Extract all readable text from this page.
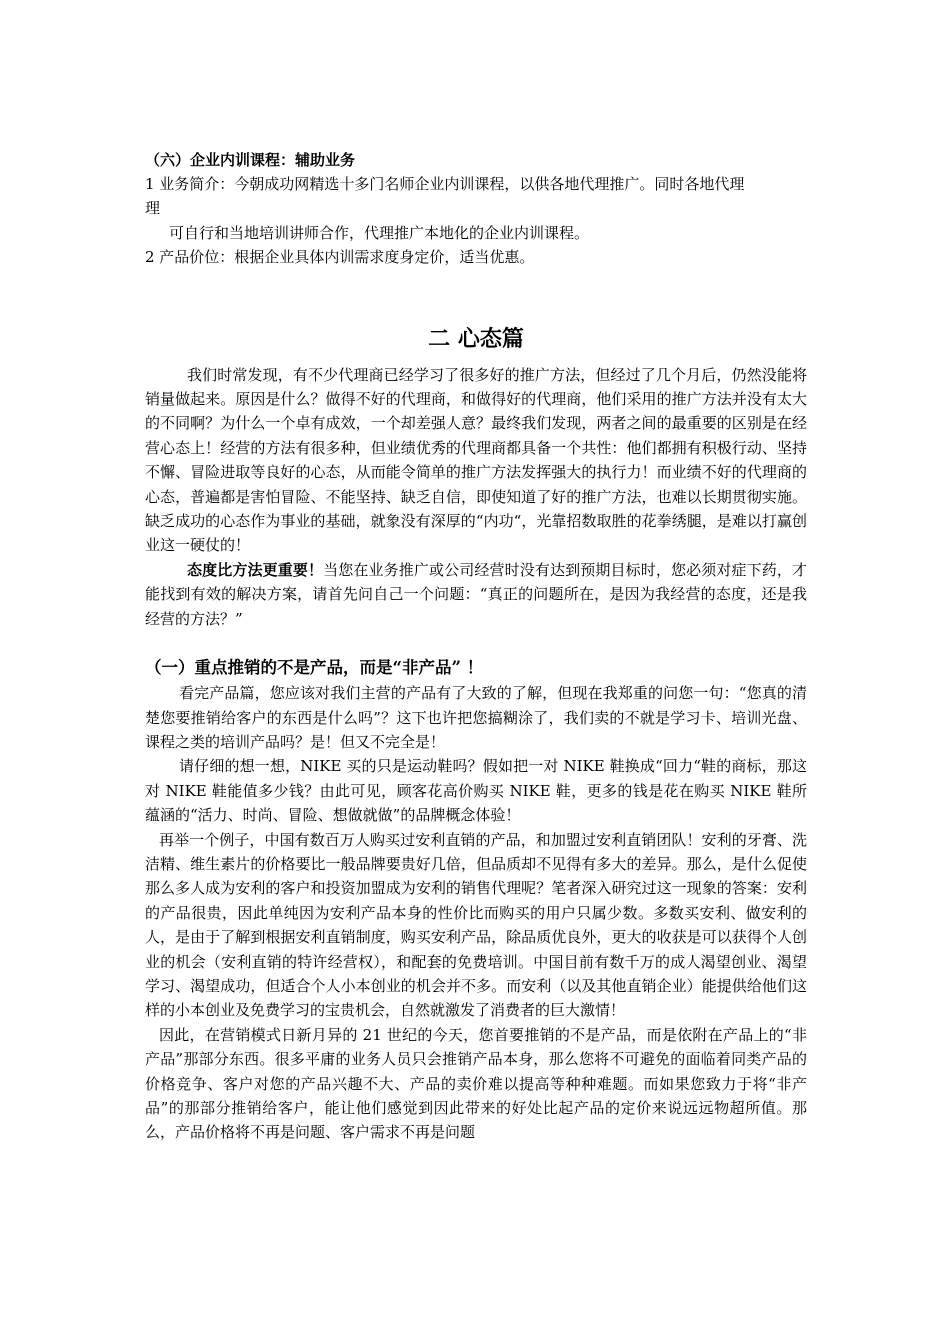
（六）企业内训课程：辅助业务
1 业务简介：今朝成功网精选十多门名师企业内训课程，以供各地代理推广。同时各地代理
理
可自行和当地培训讲师合作，代理推广本地化的企业内训课程。
2 产品价位：根据企业具体内训需求度身定价，适当优惠。
二 心态篇

我们时常发现，有不少代理商已经学习了很多好的推广方法，但经过了几个月后，仍然没能将销量做起来。原因是什么？做得不好的代理商，和做得好的代理商，他们采用的推广方法并没有太大的不同啊？为什么一个卓有成效，一个却差强人意？最终我们发现，两者之间的最重要的区别是在经营心态上！经营的方法有很多种，但业绩优秀的代理商都具备一个共性：他们都拥有积极行动、坚持不懈、冒险进取等良好的心态，从而能令简单的推广方法发挥强大的执行力！而业绩不好的代理商的心态，普遍都是害怕冒险、不能坚持、缺乏自信，即使知道了好的推广方法，也难以长期贯彻实施。缺乏成功的心态作为事业的基础，就象没有深厚的“内功“，光靠招数取胜的花拳绣腿，是难以打赢创业这一硬仗的！

态度比方法更重要！当您在业务推广或公司经营时没有达到预期目标时，您必须对症下药，才能找到有效的解决方案，请首先问自己一个问题：“真正的问题所在，是因为我经营的态度，还是我经营的方法？”

（一）重点推销的不是产品，而是“非产品” ！

看完产品篇，您应该对我们主营的产品有了大致的了解，但现在我郑重的问您一句：“您真的清楚您要推销给客户的东西是什么吗”？这下也许把您搞糊涂了，我们卖的不就是学习卡、培训光盘、课程之类的培训产品吗？是！但又不完全是！

请仔细的想一想，NIKE 买的只是运动鞋吗？假如把一对 NIKE 鞋换成“回力“鞋的商标，那这对 NIKE 鞋能值多少钱？由此可见，顾客花高价购买 NIKE 鞋，更多的钱是花在购买 NIKE 鞋所蕴涵的“活力、时尚、冒险、想做就做”的品牌概念体验！

再举一个例子，中国有数百万人购买过安利直销的产品，和加盟过安利直销团队！安利的牙膏、洗洁精、维生素片的价格要比一般品牌要贵好几倍，但品质却不见得有多大的差异。那么，是什么促使那么多人成为安利的客户和投资加盟成为安利的销售代理呢？笔者深入研究过这一现象的答案：安利的产品很贵，因此单纯因为安利产品本身的性价比而购买的用户只属少数。多数买安利、做安利的人，是由于了解到根据安利直销制度，购买安利产品，除品质优良外，更大的收获是可以获得个人创业的机会（安利直销的特许经营权），和配套的免费培训。中国目前有数千万的成人渴望创业、渴望学习、渴望成功，但适合个人小本创业的机会并不多。而安利（以及其他直销企业）能提供给他们这样的小本创业及免费学习的宝贵机会，自然就激发了消费者的巨大激情！

因此，在营销模式日新月异的 21 世纪的今天，您首要推销的不是产品，而是依附在产品上的“非产品”那部分东西。很多平庸的业务人员只会推销产品本身，那么您将不可避免的面临着同类产品的价格竞争、客户对您的产品兴趣不大、产品的卖价难以提高等种种难题。而如果您致力于将“非产品”的那部分推销给客户，能让他们感觉到因此带来的好处比起产品的定价来说远远物超所值。那么，产品价格将不再是问题、客户需求不再是问题
